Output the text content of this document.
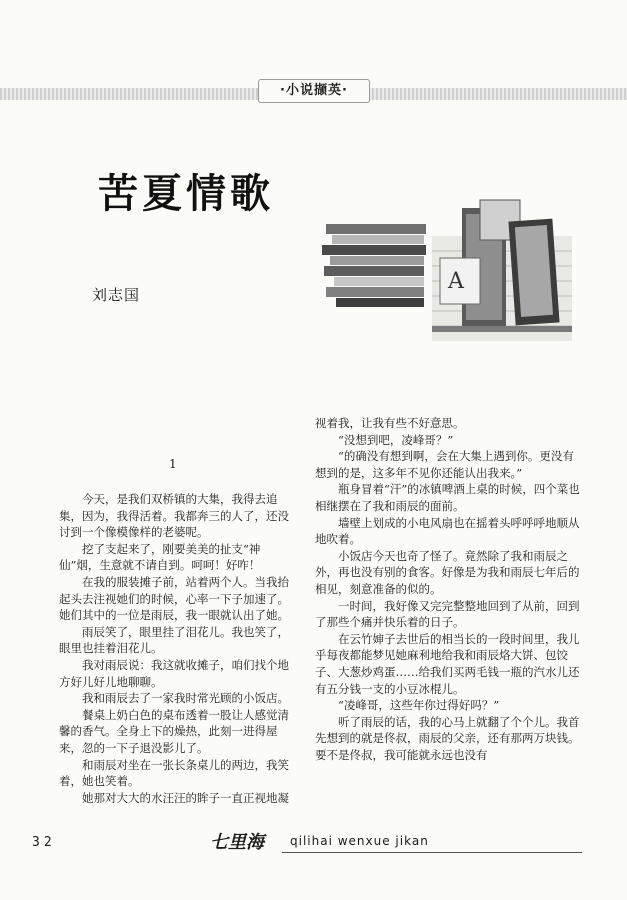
·小说撷英·
苦夏情歌
刘志国
A
1

今天，是我们双桥镇的大集，我得去追集，因为，我得活着。我都奔三的人了，还没讨到一个像模像样的老婆呢。

挖了支起来了，刚要美美的扯支“神仙”烟，生意就不请自到。呵呵！好咋！

在我的服装摊子前，站着两个人。当我抬起头去注视她们的时候，心率一下子加速了。她们其中的一位是雨辰，我一眼就认出了她。

雨辰笑了，眼里挂了泪花儿。我也笑了，眼里也挂着泪花儿。

我对雨辰说：我这就收摊子，咱们找个地方好儿好儿地聊聊。

我和雨辰去了一家我时常光顾的小饭店。

餐桌上奶白色的桌布透着一股让人感觉清馨的香气。全身上下的燥热，此刻一进得屋来，忽的一下子退没影儿了。

和雨辰对坐在一张长条桌儿的两边，我笑着，她也笑着。

她那对大大的水汪汪的眸子一直正视地凝

视着我，让我有些不好意思。

“没想到吧，凌峰哥？”

“的确没有想到啊，会在大集上遇到你。更没有想到的是，这多年不见你还能认出我来。”

瓶身冒着“汗”的冰镇啤酒上桌的时候，四个菜也相继摆在了我和雨辰的面前。

墙壁上划成的小电风扇也在摇着头呼呼呼地顺从地吹着。

小饭店今天也奇了怪了。竟然除了我和雨辰之外，再也没有别的食客。好像是为我和雨辰七年后的相见，刻意准备的似的。

一时间，我好像又完完整整地回到了从前，回到了那些个痛并快乐着的日子。

在云竹婶子去世后的相当长的一段时间里，我儿乎每夜都能梦见她麻利地给我和雨辰烙大饼、包饺子、大葱炒鸡蛋……给我们买两毛钱一瓶的汽水儿还有五分钱一支的小豆冰棍儿。

“凌峰哥，这些年你过得好吗？”

听了雨辰的话，我的心马上就翻了个个儿。我首先想到的就是佟叔，雨辰的父亲，还有那两万块钱。要不是佟叔，我可能就永远也没有

32	七里海 qilihai wenxue jikan
